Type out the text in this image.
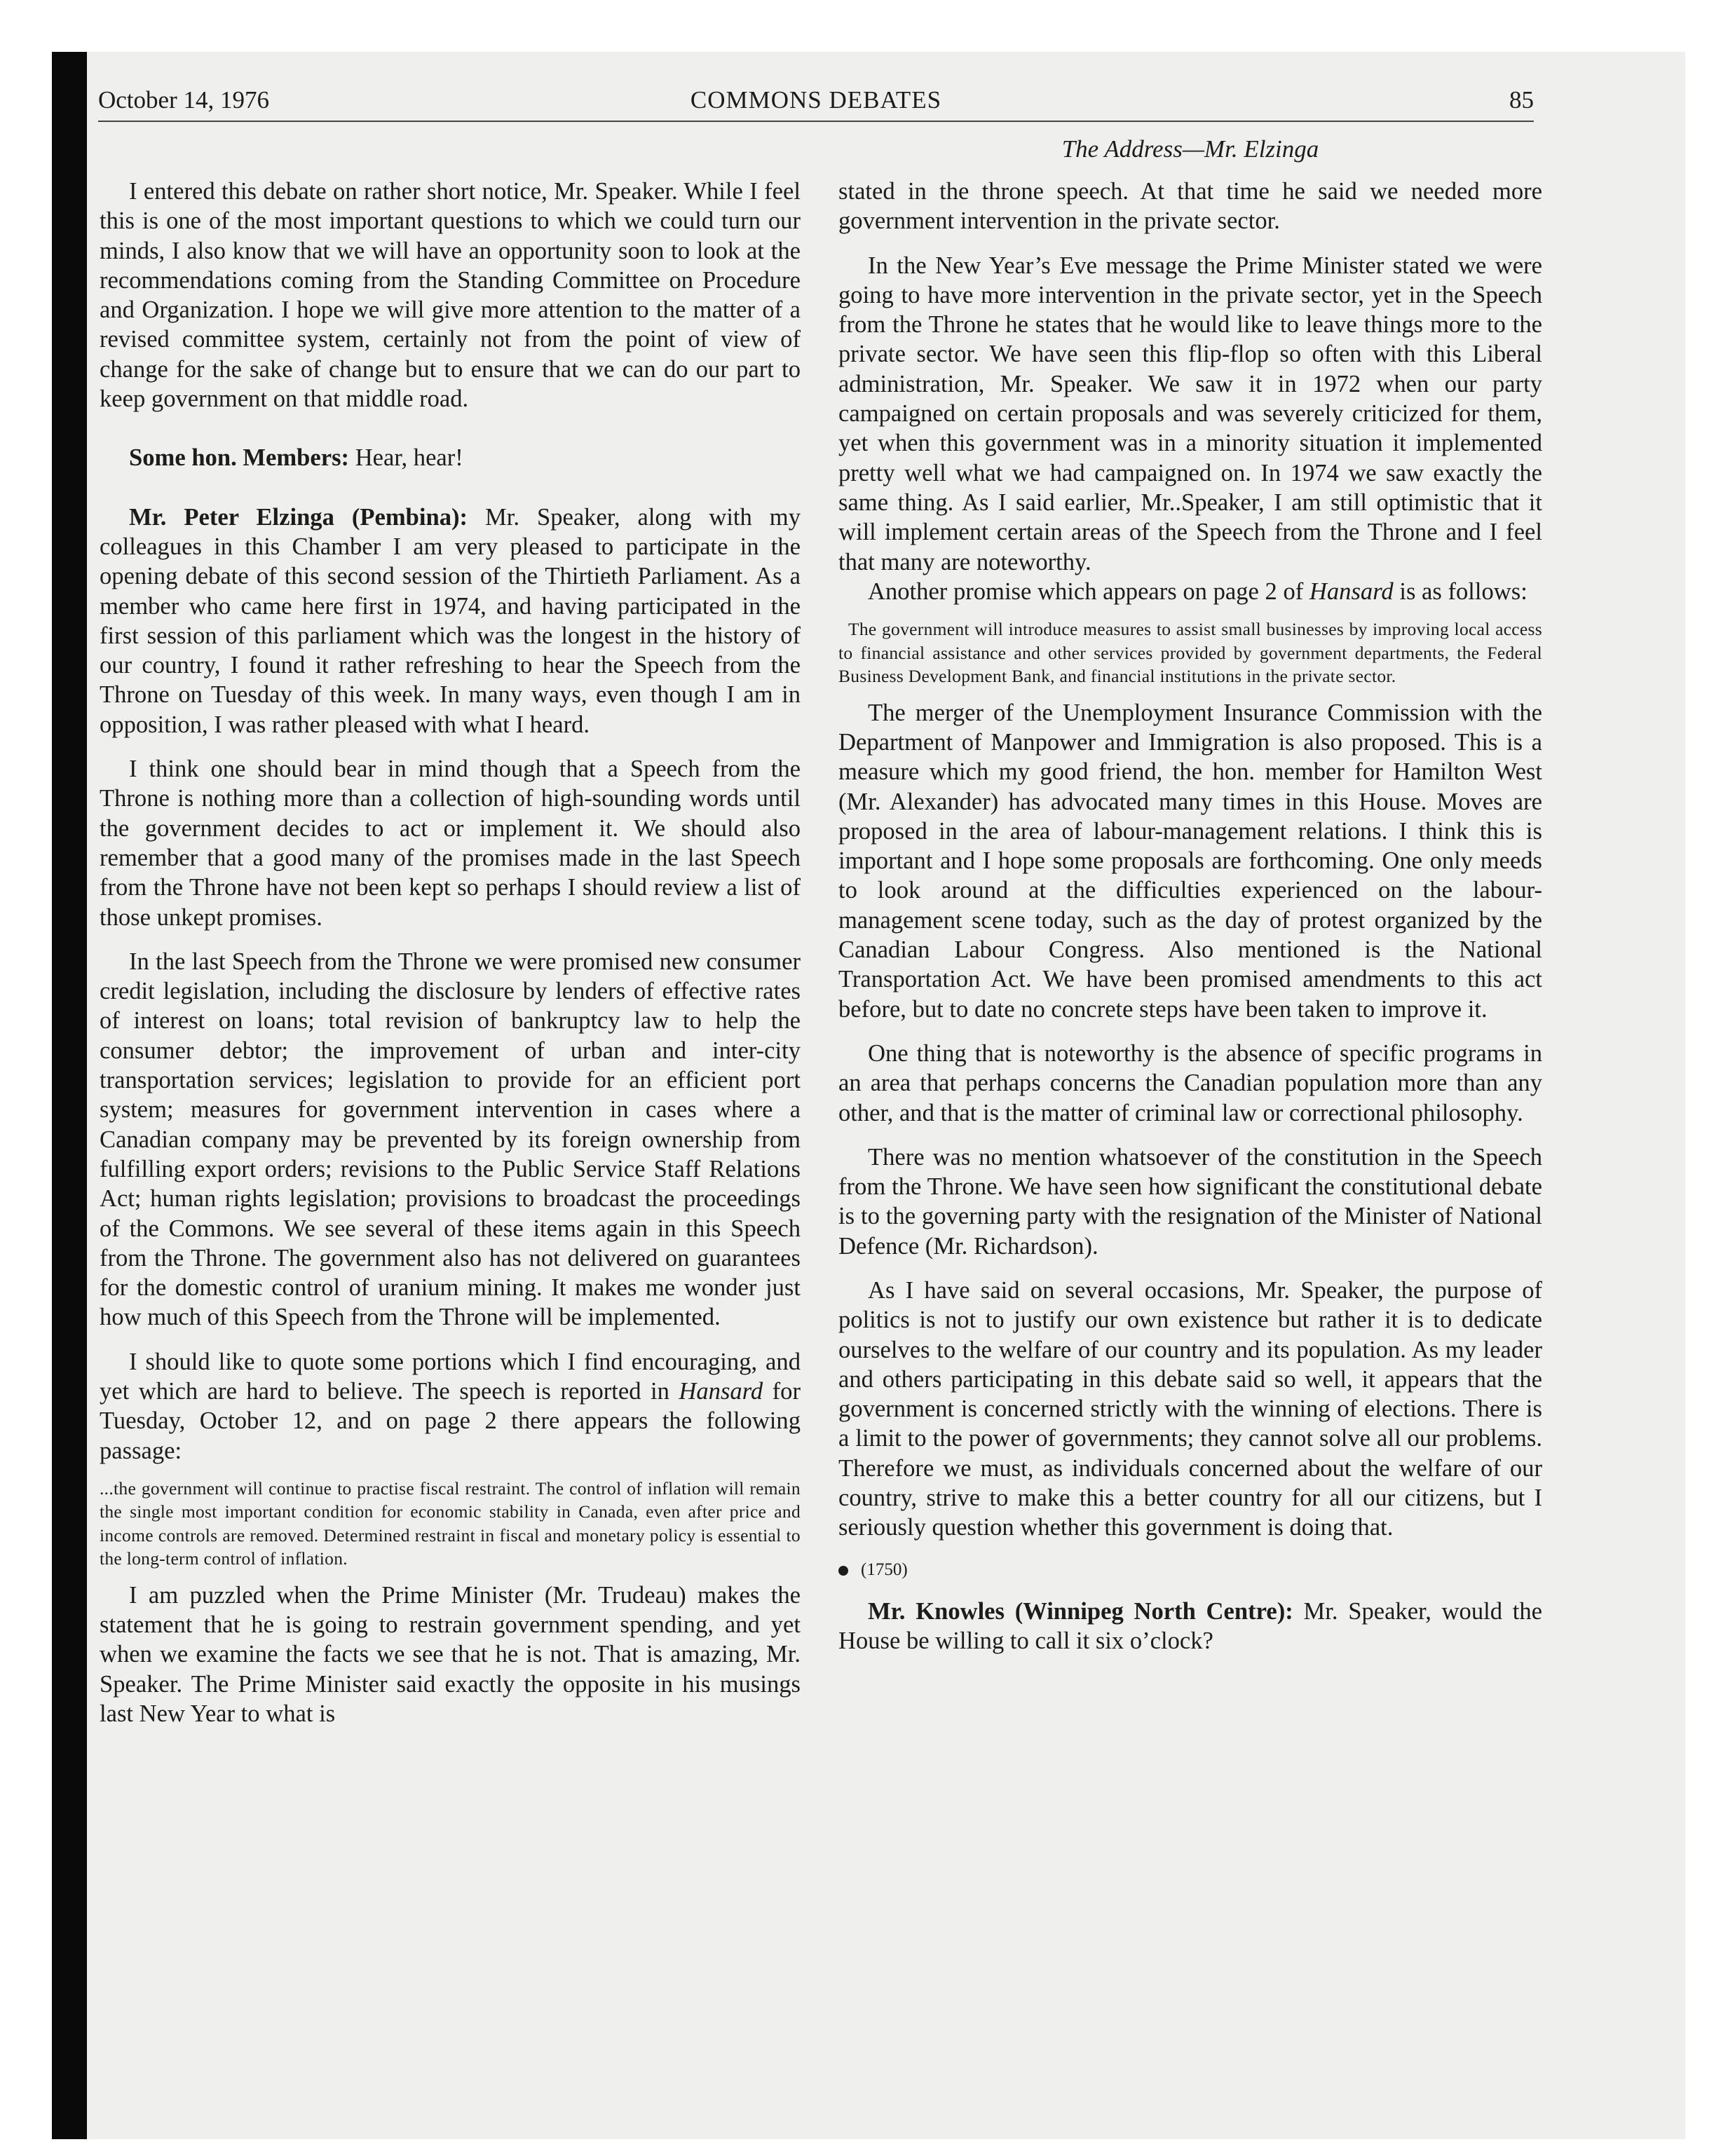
October 14, 1976	COMMONS DEBATES	85
The Address—Mr. Elzinga

I entered this debate on rather short notice, Mr. Speaker. While I feel this is one of the most important questions to which we could turn our minds, I also know that we will have an opportunity soon to look at the recommendations coming from the Standing Committee on Procedure and Organization. I hope we will give more attention to the matter of a revised committee system, certainly not from the point of view of change for the sake of change but to ensure that we can do our part to keep government on that middle road.

Some hon. Members: Hear, hear!

Mr. Peter Elzinga (Pembina): Mr. Speaker, along with my colleagues in this Chamber I am very pleased to participate in the opening debate of this second session of the Thirtieth Parliament. As a member who came here first in 1974, and having participated in the first session of this parliament which was the longest in the history of our country, I found it rather refreshing to hear the Speech from the Throne on Tuesday of this week. In many ways, even though I am in opposition, I was rather pleased with what I heard.

I think one should bear in mind though that a Speech from the Throne is nothing more than a collection of high-sounding words until the government decides to act or implement it. We should also remember that a good many of the promises made in the last Speech from the Throne have not been kept so perhaps I should review a list of those unkept promises.

In the last Speech from the Throne we were promised new consumer credit legislation, including the disclosure by lenders of effective rates of interest on loans; total revision of bankruptcy law to help the consumer debtor; the improvement of urban and inter-city transportation services; legislation to provide for an efficient port system; measures for government intervention in cases where a Canadian company may be prevented by its foreign ownership from fulfilling export orders; revisions to the Public Service Staff Relations Act; human rights legislation; provisions to broadcast the proceedings of the Commons. We see several of these items again in this Speech from the Throne. The government also has not delivered on guarantees for the domestic control of uranium mining. It makes me wonder just how much of this Speech from the Throne will be implemented.

I should like to quote some portions which I find encouraging, and yet which are hard to believe. The speech is reported in Hansard for Tuesday, October 12, and on page 2 there appears the following passage:

...the government will continue to practise fiscal restraint. The control of inflation will remain the single most important condition for economic stability in Canada, even after price and income controls are removed. Determined restraint in fiscal and monetary policy is essential to the long-term control of inflation.

I am puzzled when the Prime Minister (Mr. Trudeau) makes the statement that he is going to restrain government spending, and yet when we examine the facts we see that he is not. That is amazing, Mr. Speaker. The Prime Minister said exactly the opposite in his musings last New Year to what is

stated in the throne speech. At that time he said we needed more government intervention in the private sector.

In the New Year’s Eve message the Prime Minister stated we were going to have more intervention in the private sector, yet in the Speech from the Throne he states that he would like to leave things more to the private sector. We have seen this flip-flop so often with this Liberal administration, Mr. Speaker. We saw it in 1972 when our party campaigned on certain proposals and was severely criticized for them, yet when this government was in a minority situation it implemented pretty well what we had campaigned on. In 1974 we saw exactly the same thing. As I said earlier, Mr..Speaker, I am still optimistic that it will implement certain areas of the Speech from the Throne and I feel that many are noteworthy.

Another promise which appears on page 2 of Hansard is as follows:

The government will introduce measures to assist small businesses by improving local access to financial assistance and other services provided by government departments, the Federal Business Development Bank, and financial institutions in the private sector.

The merger of the Unemployment Insurance Commission with the Department of Manpower and Immigration is also proposed. This is a measure which my good friend, the hon. member for Hamilton West (Mr. Alexander) has advocated many times in this House. Moves are proposed in the area of labour-management relations. I think this is important and I hope some proposals are forthcoming. One only meeds to look around at the difficulties experienced on the labour- management scene today, such as the day of protest organized by the Canadian Labour Congress. Also mentioned is the National Transportation Act. We have been promised amendments to this act before, but to date no concrete steps have been taken to improve it.

One thing that is noteworthy is the absence of specific programs in an area that perhaps concerns the Canadian population more than any other, and that is the matter of criminal law or correctional philosophy.

There was no mention whatsoever of the constitution in the Speech from the Throne. We have seen how significant the constitutional debate is to the governing party with the resignation of the Minister of National Defence (Mr. Richardson).

As I have said on several occasions, Mr. Speaker, the purpose of politics is not to justify our own existence but rather it is to dedicate ourselves to the welfare of our country and its population. As my leader and others participating in this debate said so well, it appears that the government is concerned strictly with the winning of elections. There is a limit to the power of governments; they cannot solve all our problems. Therefore we must, as individuals concerned about the welfare of our country, strive to make this a better country for all our citizens, but I seriously question whether this government is doing that.

(1750)

Mr. Knowles (Winnipeg North Centre): Mr. Speaker, would the House be willing to call it six o’clock?
